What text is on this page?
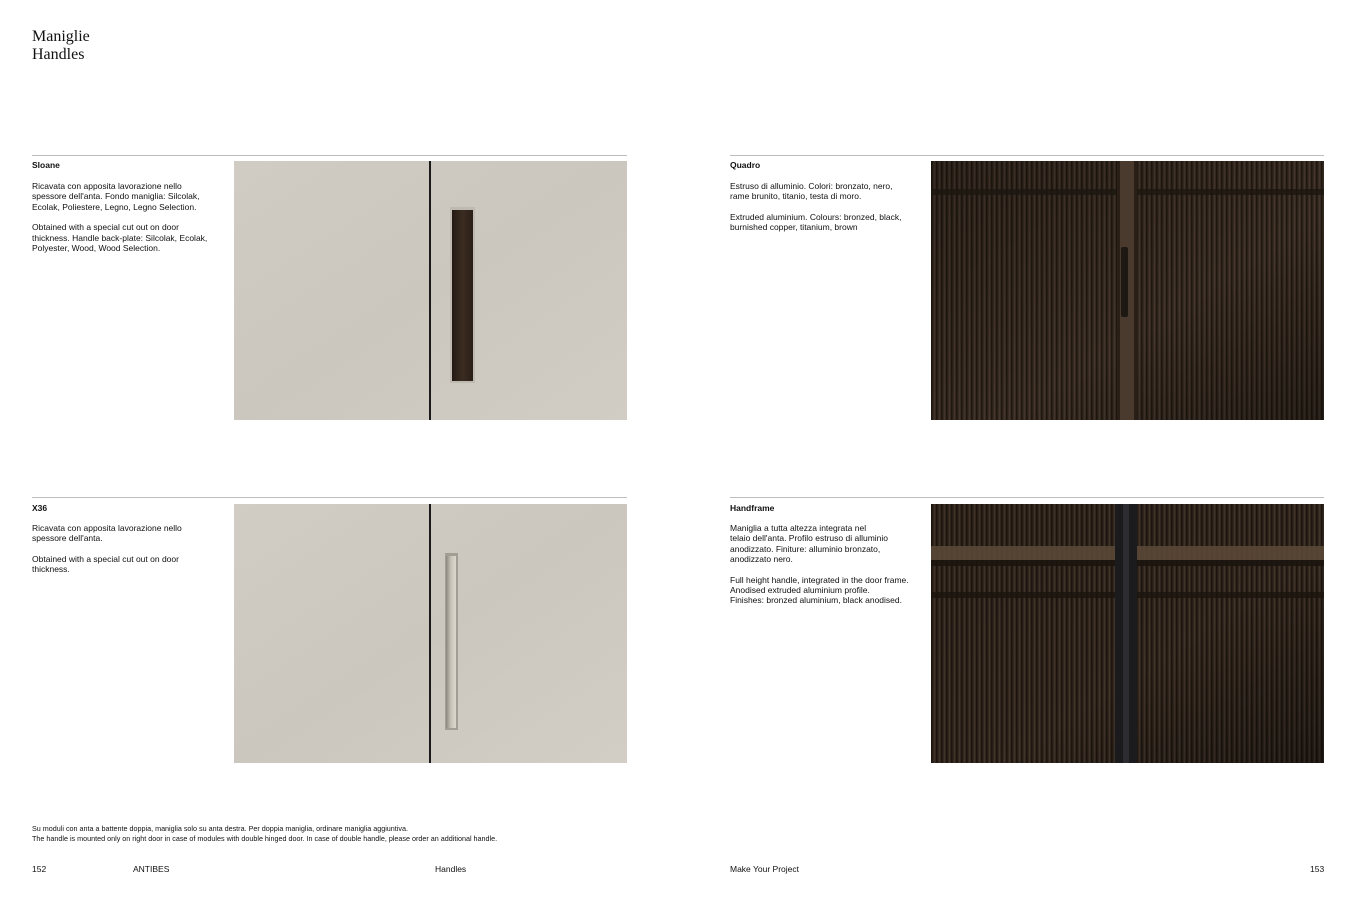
Maniglie
Handles
Sloane

Ricavata con apposita lavorazione nello
spessore dell'anta. Fondo maniglia: Silcolak,
Ecolak, Poliestere, Legno, Legno Selection.

Obtained with a special cut out on door
thickness. Handle back-plate: Silcolak, Ecolak,
Polyester, Wood, Wood Selection.

Quadro

Estruso di alluminio. Colori: bronzato, nero,
rame brunito, titanio, testa di moro.

Extruded aluminium. Colours: bronzed, black,
burnished copper, titanium, brown

X36

Ricavata con apposita lavorazione nello
spessore dell'anta.

Obtained with a special cut out on door
thickness.

Handframe

Maniglia a tutta altezza integrata nel
telaio dell'anta. Profilo estruso di alluminio
anodizzato. Finiture: alluminio bronzato,
anodizzato nero.

Full height handle, integrated in the door frame.
Anodised extruded aluminium profile.
Finishes: bronzed aluminium, black anodised.

Su moduli con anta a battente doppia, maniglia solo su anta destra. Per doppia maniglia, ordinare maniglia aggiuntiva.
The handle is mounted only on right door in case of modules with double hinged door. In case of double handle, please order an additional handle.
152	ANTIBES	Handles	Make Your Project	153
